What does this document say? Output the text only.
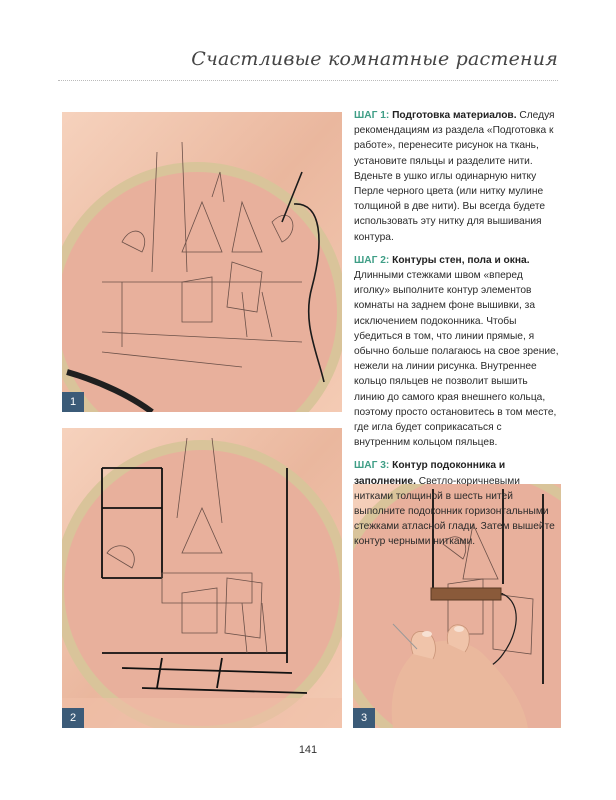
Счастливые комнатные растения
1
2	3

ШАГ 1: Подготовка материалов. Следуя рекомендациям из раздела «Подготовка к работе», перенесите рисунок на ткань, установите пяльцы и разделите нити. Вденьте в ушко иглы одинарную нитку Перле черного цвета (или нитку мулине толщиной в две нити). Вы всегда будете использовать эту нитку для вышивания контура.

ШАГ 2: Контуры стен, пола и окна. Длинными стежками швом «вперед иголку» выполните контур элементов комнаты на заднем фоне вышивки, за исключением подоконника. Чтобы убедиться в том, что линии прямые, я обычно больше полагаюсь на свое зрение, нежели на линии рисунка. Внутреннее кольцо пяльцев не позволит вышить линию до самого края внешнего кольца, поэтому просто остановитесь в том месте, где игла будет соприкасаться с внутренним кольцом пяльцев.

ШАГ 3: Контур подоконника и заполнение. Светло-коричневыми нитками толщиной в шесть нитей выполните подоконник горизонтальными стежками атласной глади. Затем вышейте контур черными нитками.

141
